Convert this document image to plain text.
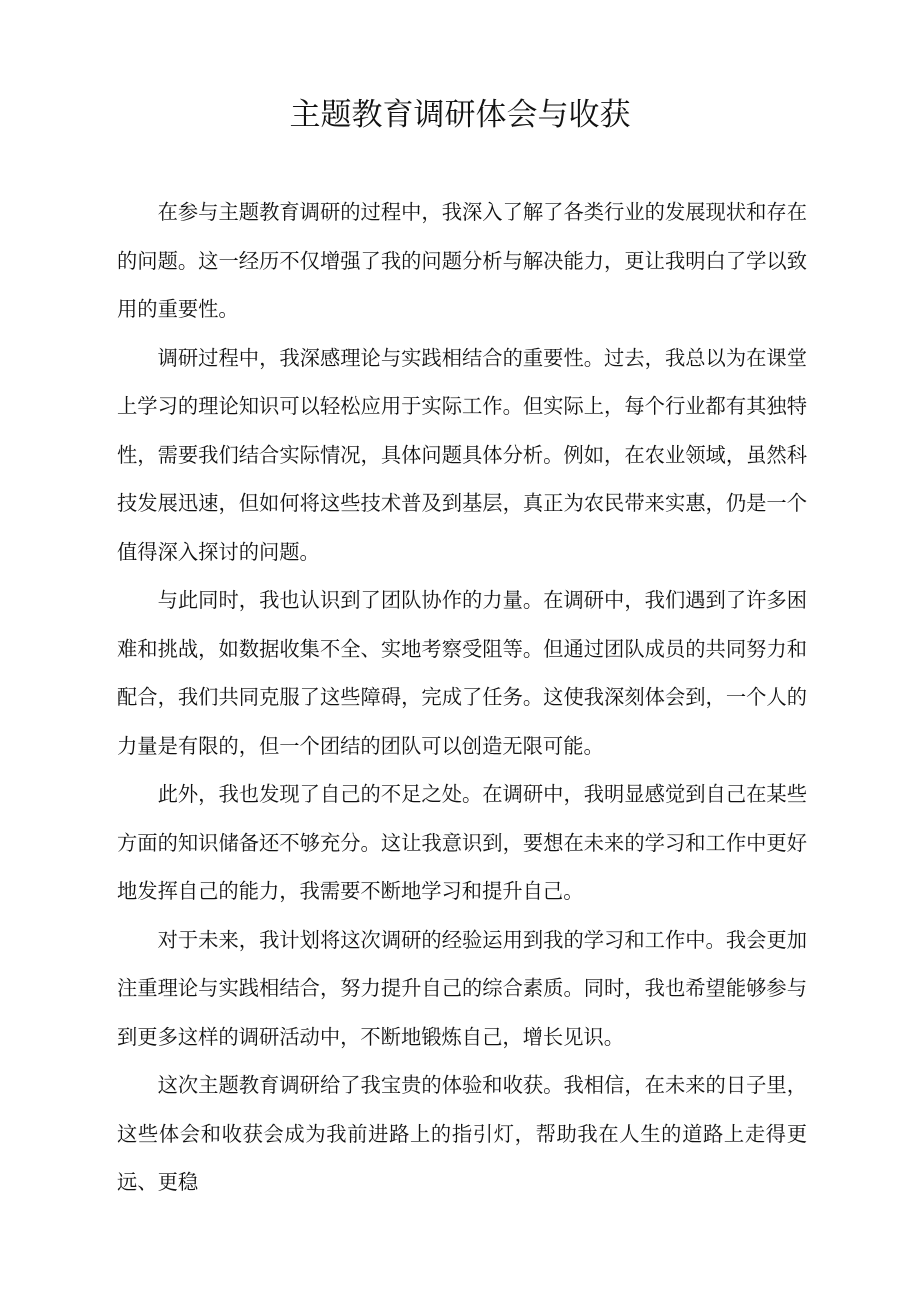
主题教育调研体会与收获

在参与主题教育调研的过程中，我深入了解了各类行业的发展现状和存在的问题。这一经历不仅增强了我的问题分析与解决能力，更让我明白了学以致用的重要性。

调研过程中，我深感理论与实践相结合的重要性。过去，我总以为在课堂上学习的理论知识可以轻松应用于实际工作。但实际上，每个行业都有其独特性，需要我们结合实际情况，具体问题具体分析。例如，在农业领域，虽然科技发展迅速，但如何将这些技术普及到基层，真正为农民带来实惠，仍是一个值得深入探讨的问题。

与此同时，我也认识到了团队协作的力量。在调研中，我们遇到了许多困难和挑战，如数据收集不全、实地考察受阻等。但通过团队成员的共同努力和配合，我们共同克服了这些障碍，完成了任务。这使我深刻体会到，一个人的力量是有限的，但一个团结的团队可以创造无限可能。

此外，我也发现了自己的不足之处。在调研中，我明显感觉到自己在某些方面的知识储备还不够充分。这让我意识到，要想在未来的学习和工作中更好地发挥自己的能力，我需要不断地学习和提升自己。

对于未来，我计划将这次调研的经验运用到我的学习和工作中。我会更加注重理论与实践相结合，努力提升自己的综合素质。同时，我也希望能够参与到更多这样的调研活动中，不断地锻炼自己，增长见识。

这次主题教育调研给了我宝贵的体验和收获。我相信，在未来的日子里，这些体会和收获会成为我前进路上的指引灯，帮助我在人生的道路上走得更远、更稳
